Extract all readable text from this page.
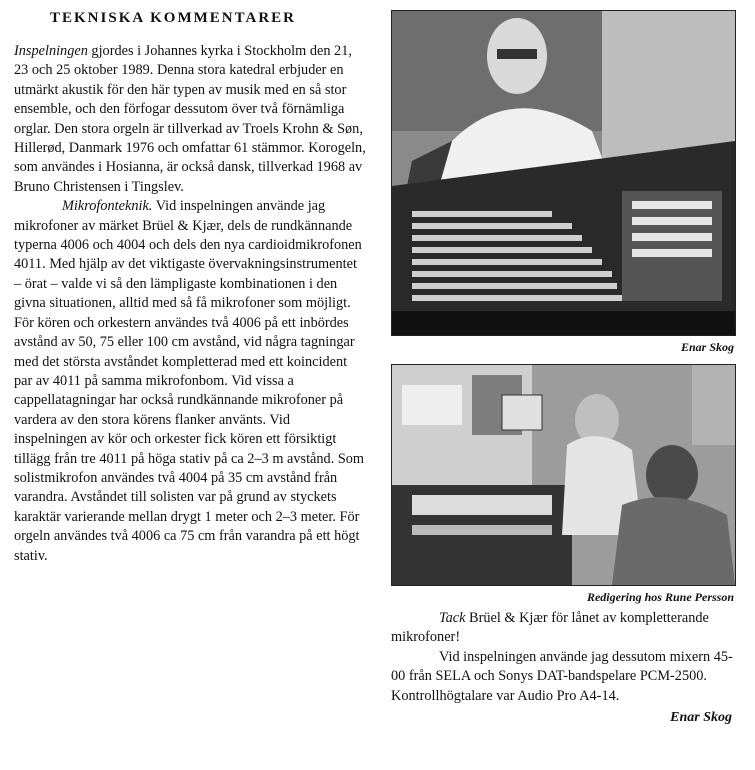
TEKNISKA KOMMENTARER

Inspelningen gjordes i Johannes kyrka i Stockholm den 21, 23 och 25 oktober 1989. Denna stora katedral erbjuder en utmärkt akustik för den här typen av musik med en så stor ensemble, och den förfogar dessutom över två förnämliga orglar. Den stora orgeln är tillverkad av Troels Krohn & Søn, Hillerød, Danmark 1976 och omfattar 61 stämmor. Korogeln, som användes i Hosianna, är också dansk, tillverkad 1968 av Bruno Christensen i Tingslev.

Mikrofonteknik. Vid inspelningen använde jag mikrofoner av märket Brüel & Kjær, dels de rundkännande typerna 4006 och 4004 och dels den nya cardioidmikrofonen 4011. Med hjälp av det viktigaste övervakningsinstrumentet – örat – valde vi så den lämpligaste kombinationen i den givna situationen, alltid med så få mikrofoner som möjligt. För kören och orkestern användes två 4006 på ett inbördes avstånd av 50, 75 eller 100 cm avstånd, vid några tagningar med det största avståndet kompletterad med ett koincident par av 4011 på samma mikrofonbom. Vid vissa a cappellatagningar har också rundkännande mikrofoner på vardera av den stora körens flanker använts. Vid inspelningen av kör och orkester fick kören ett försiktigt tillägg från tre 4011 på höga stativ på ca 2–3 m avstånd. Som solistmikrofon användes två 4004 på 35 cm avstånd från varandra. Avståndet till solisten var på grund av styckets karaktär varierande mellan drygt 1 meter och 2–3 meter. För orgeln användes två 4006 ca 75 cm från varandra på ett högt stativ.

Enar Skog
Redigering hos Rune Persson

Tack Brüel & Kjær för lånet av kompletterande mikrofoner!

Vid inspelningen använde jag dessutom mixern 45-00 från SELA och Sonys DAT-bandspelare PCM-2500. Kontrollhögtalare var Audio Pro A4-14.

Enar Skog
